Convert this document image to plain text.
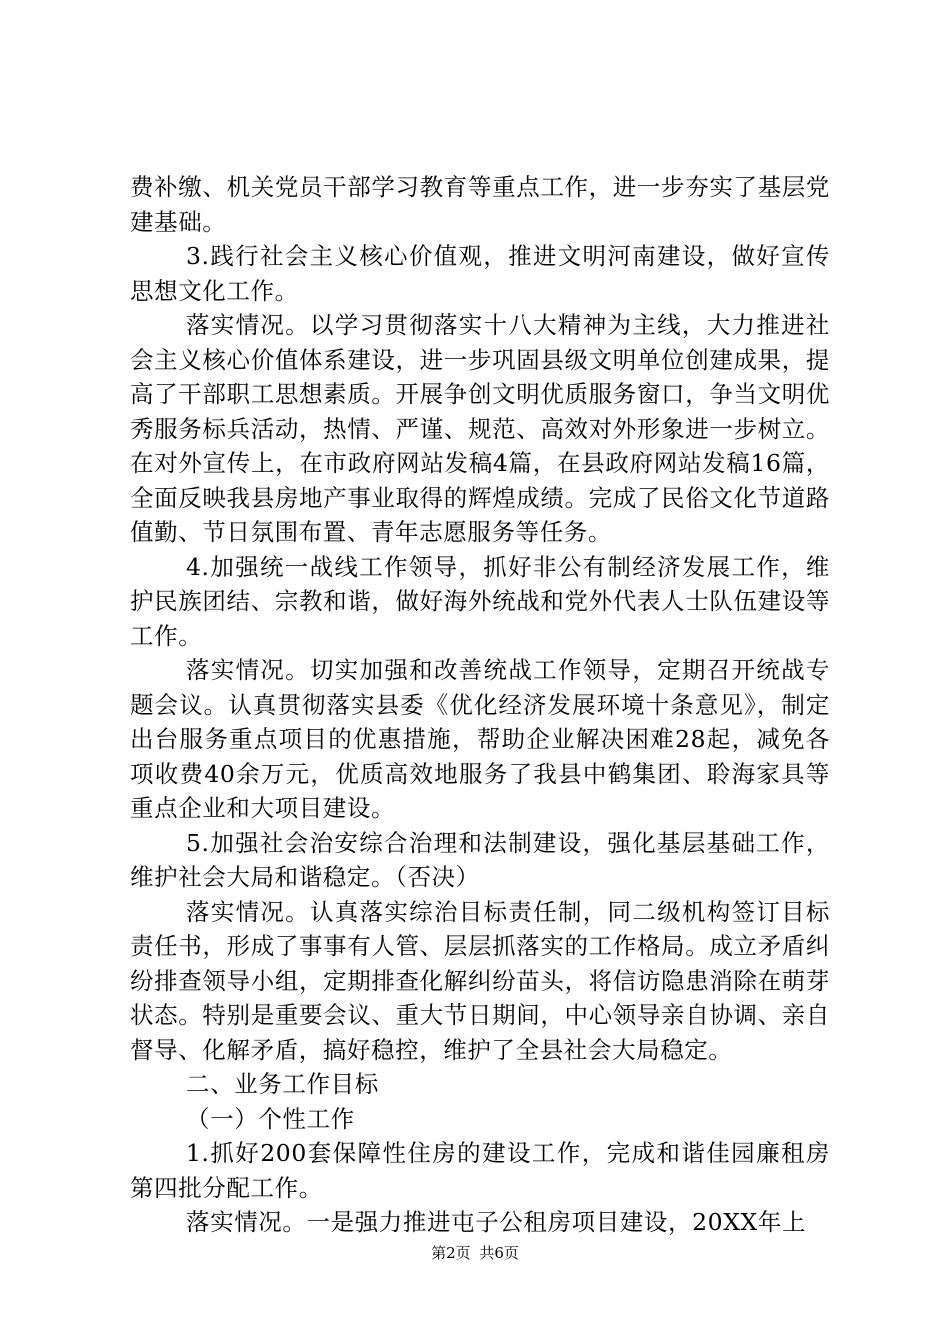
费补缴、机关党员干部学习教育等重点工作，进一步夯实了基层党建基础。

3.践行社会主义核心价值观，推进文明河南建设，做好宣传思想文化工作。

落实情况。以学习贯彻落实十八大精神为主线，大力推进社会主义核心价值体系建设，进一步巩固县级文明单位创建成果，提高了干部职工思想素质。开展争创文明优质服务窗口，争当文明优秀服务标兵活动，热情、严谨、规范、高效对外形象进一步树立。在对外宣传上，在市政府网站发稿4篇，在县政府网站发稿16篇，全面反映我县房地产事业取得的辉煌成绩。完成了民俗文化节道路值勤、节日氛围布置、青年志愿服务等任务。

4.加强统一战线工作领导，抓好非公有制经济发展工作，维护民族团结、宗教和谐，做好海外统战和党外代表人士队伍建设等工作。

落实情况。切实加强和改善统战工作领导，定期召开统战专题会议。认真贯彻落实县委《优化经济发展环境十条意见》，制定出台服务重点项目的优惠措施，帮助企业解决困难28起，减免各项收费40余万元，优质高效地服务了我县中鹤集团、聆海家具等重点企业和大项目建设。

5.加强社会治安综合治理和法制建设，强化基层基础工作，维护社会大局和谐稳定。（否决）

落实情况。认真落实综治目标责任制，同二级机构签订目标责任书，形成了事事有人管、层层抓落实的工作格局。成立矛盾纠纷排查领导小组，定期排查化解纠纷苗头，将信访隐患消除在萌芽状态。特别是重要会议、重大节日期间，中心领导亲自协调、亲自督导、化解矛盾，搞好稳控，维护了全县社会大局稳定。

二、业务工作目标

（一）个性工作

1.抓好200套保障性住房的建设工作，完成和谐佳园廉租房第四批分配工作。

落实情况。一是强力推进屯子公租房项目建设，20XX年上

第2页 共6页
